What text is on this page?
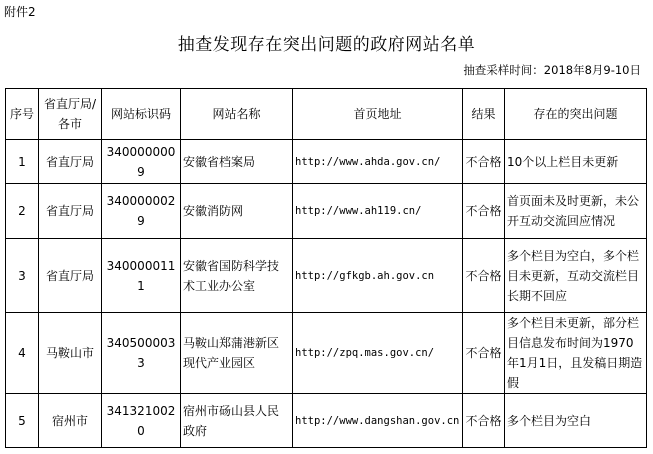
附件2
抽查发现存在突出问题的政府网站名单
抽查采样时间：2018年8月9-10日
序号	省直厅局/各市	网站标识码	网站名称	首页地址	结果	存在的突出问题
1	省直厅局	3400000009	安徽省档案局	http://www.ahda.gov.cn/	不合格	10个以上栏目未更新
2	省直厅局	3400000029	安徽消防网	http://www.ah119.cn/	不合格	首页面未及时更新，未公开互动交流回应情况
3	省直厅局	3400000111	安徽省国防科学技术工业办公室	http://gfkgb.ah.gov.cn	不合格	多个栏目为空白，多个栏目未更新，互动交流栏目长期不回应
4	马鞍山市	3405000033	马鞍山郑蒲港新区现代产业园区	http://zpq.mas.gov.cn/	不合格	多个栏目未更新，部分栏目信息发布时间为1970年1月1日，且发稿日期造假
5	宿州市	3413210020	宿州市砀山县人民政府	http://www.dangshan.gov.cn	不合格	多个栏目为空白
